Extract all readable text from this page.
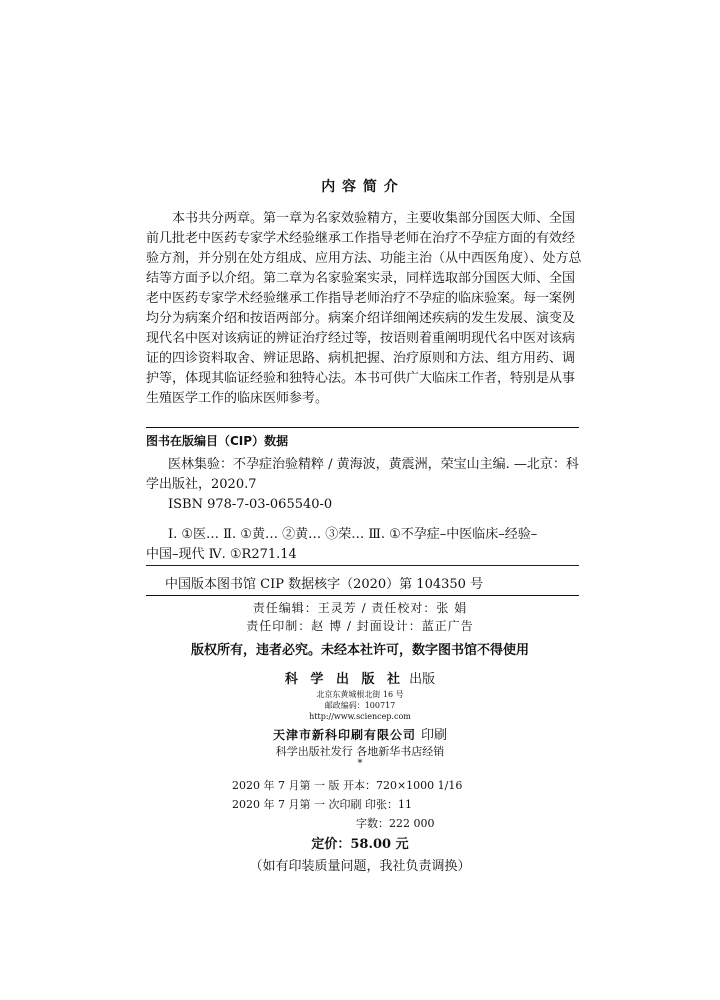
内 容 简 介

本书共分两章。第一章为名家效验精方，主要收集部分国医大师、全国

前几批老中医药专家学术经验继承工作指导老师在治疗不孕症方面的有效经

验方剂，并分别在处方组成、应用方法、功能主治（从中西医角度）、处方总

结等方面予以介绍。第二章为名家验案实录，同样选取部分国医大师、全国

老中医药专家学术经验继承工作指导老师治疗不孕症的临床验案。每一案例

均分为病案介绍和按语两部分。病案介绍详细阐述疾病的发生发展、演变及

现代名中医对该病证的辨证治疗经过等，按语则着重阐明现代名中医对该病

证的四诊资料取舍、辨证思路、病机把握、治疗原则和方法、组方用药、调

护等，体现其临证经验和独特心法。本书可供广大临床工作者，特别是从事

生殖医学工作的临床医师参考。

图书在版编目（CIP）数据

医林集验：不孕症治验精粹 / 黄海波，黄震洲，荣宝山主编. —北京：科

学出版社，2020.7

ISBN 978-7-03-065540-0

Ⅰ. ①医… Ⅱ. ①黄… ②黄… ③荣… Ⅲ. ①不孕症–中医临床–经验–

中国–现代 Ⅳ. ①R271.14

中国版本图书馆 CIP 数据核字（2020）第 104350 号
责任编辑：王灵芳 / 责任校对：张 娟
责任印制：赵 博 / 封面设计：蓝正广告
版权所有，违者必究。未经本社许可，数字图书馆不得使用
科 学 出 版 社 出版
北京东黄城根北街 16 号
邮政编码：100717
http://www.sciencep.com
天津市新科印刷有限公司 印刷
科学出版社发行 各地新华书店经销
*
2020 年 7 月第 一 版 开本：720×1000 1/16
2020 年 7 月第 一 次印刷 印张：11
字数：222 000
定价：58.00 元
（如有印装质量问题，我社负责调换）
